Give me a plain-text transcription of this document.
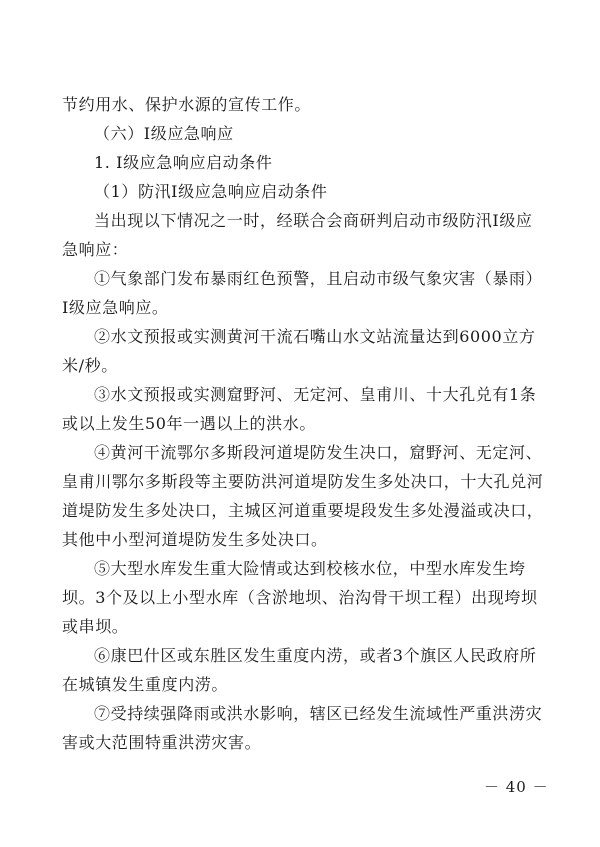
节约用水、保护水源的宣传工作。
（六）Ⅰ级应急响应
1. Ⅰ级应急响应启动条件
（1）防汛Ⅰ级应急响应启动条件
当出现以下情况之一时，经联合会商研判启动市级防汛Ⅰ级应
急响应：
①气象部门发布暴雨红色预警，且启动市级气象灾害（暴雨）
Ⅰ级应急响应。
②水文预报或实测黄河干流石嘴山水文站流量达到6000立方
米/秒。
③水文预报或实测窟野河、无定河、皇甫川、十大孔兑有1条
或以上发生50年一遇以上的洪水。
④黄河干流鄂尔多斯段河道堤防发生决口，窟野河、无定河、
皇甫川鄂尔多斯段等主要防洪河道堤防发生多处决口，十大孔兑河
道堤防发生多处决口，主城区河道重要堤段发生多处漫溢或决口，
其他中小型河道堤防发生多处决口。
⑤大型水库发生重大险情或达到校核水位，中型水库发生垮
坝。3个及以上小型水库（含淤地坝、治沟骨干坝工程）出现垮坝
或串坝。
⑥康巴什区或东胜区发生重度内涝，或者3个旗区人民政府所
在城镇发生重度内涝。
⑦受持续强降雨或洪水影响，辖区已经发生流域性严重洪涝灾
害或大范围特重洪涝灾害。
－ 40 －
